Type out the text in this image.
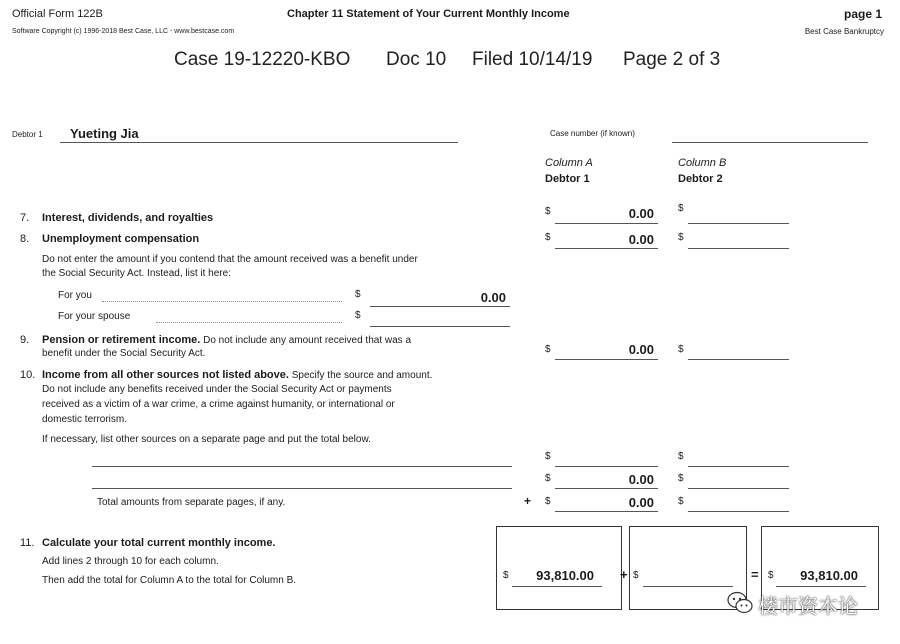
Official Form 122B	Chapter 11 Statement of Your Current Monthly Income	page 1
Software Copyright (c) 1996-2018 Best Case, LLC - www.bestcase.com	Best Case Bankruptcy
Case 19-12220-KBO Doc 10 Filed 10/14/19 Page 2 of 3
Debtor 1 Yueting Jia	Case number (if known)
Column A
Debtor 1
Column B
Debtor 2
7. Interest, dividends, and royalties
$	0.00 $
8. Unemployment compensation	$	0.00 $
Do not enter the amount if you contend that the amount received was a benefit under
the Social Security Act. Instead, list it here:
For you	$	0.00
For your spouse	$
9. Pension or retirement income. Do not include any amount received that was a
benefit under the Social Security Act.	$	0.00 $
10. Income from all other sources not listed above. Specify the source and amount.
Do not include any benefits received under the Social Security Act or payments
received as a victim of a war crime, a crime against humanity, or international or
domestic terrorism.
If necessary, list other sources on a separate page and put the total below.
$	$
$	0.00 $
Total amounts from separate pages, if any.	+ $	0.00 $
11. Calculate your total current monthly income.
Add lines 2 through 10 for each column.
Then add the total for Column A to the total for Column B.	$	93,810.00 + $	= $	93,810.00
楼市资本论
